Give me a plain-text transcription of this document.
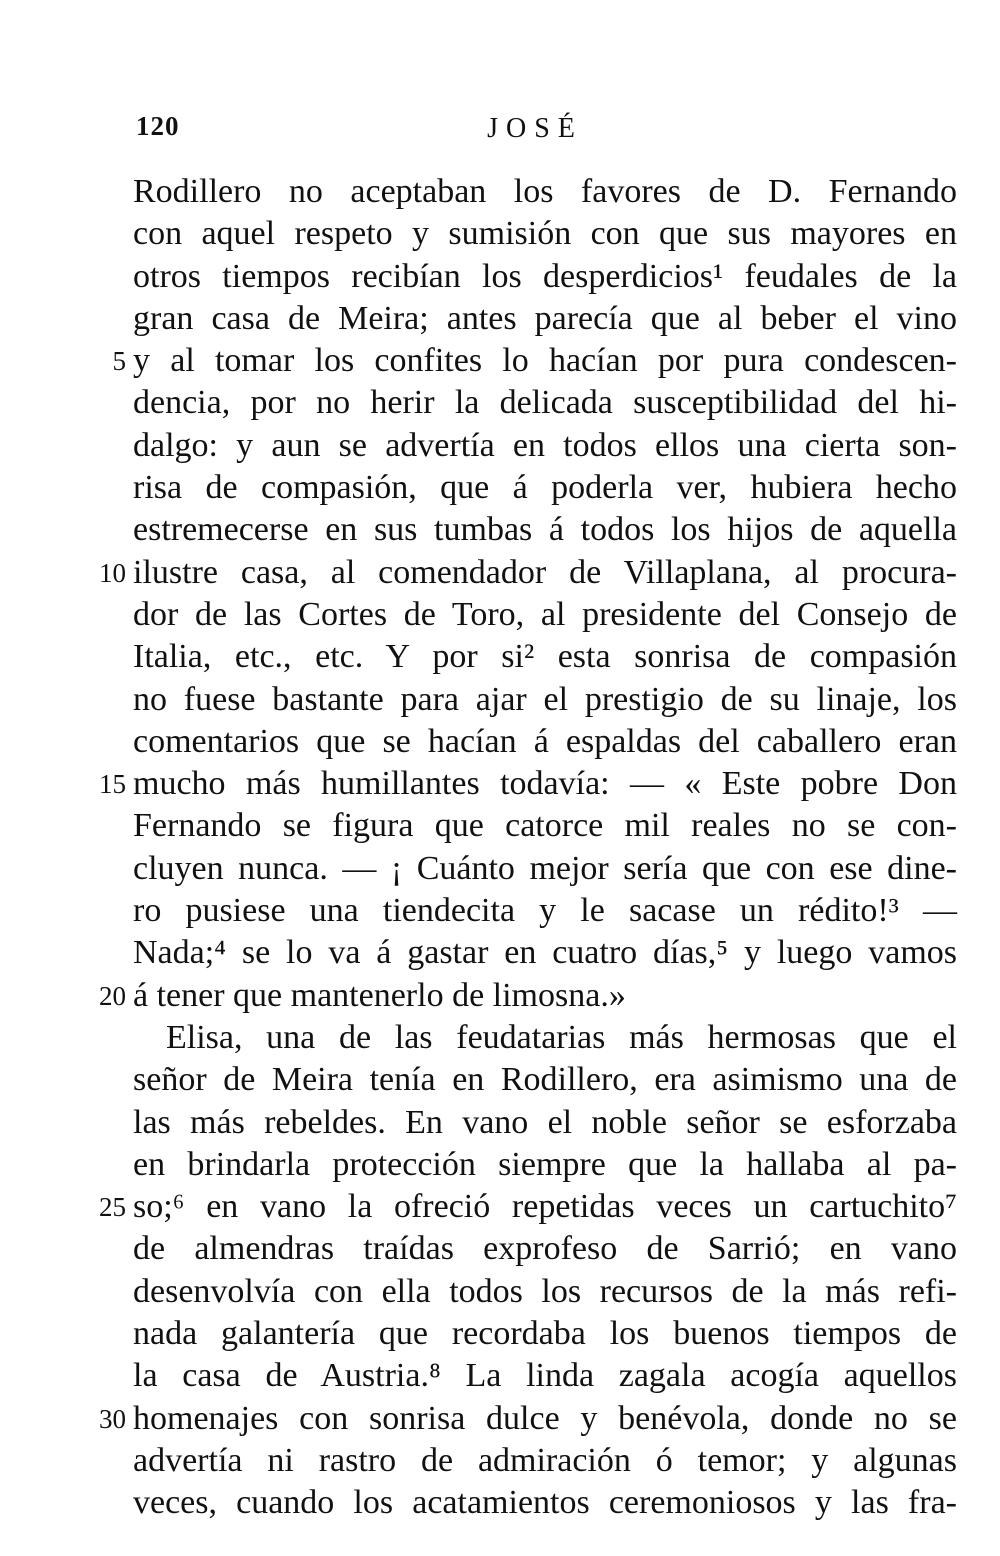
120	JOSÉ
Rodillero no aceptaban los favores de D. Fernando
con aquel respeto y sumisión con que sus mayores en
otros tiempos recibían los desperdicios¹ feudales de la
gran casa de Meira; antes parecía que al beber el vino
5 y al tomar los confites lo hacían por pura condescen-
dencia, por no herir la delicada susceptibilidad del hi-
dalgo: y aun se advertía en todos ellos una cierta son-
risa de compasión, que á poderla ver, hubiera hecho
estremecerse en sus tumbas á todos los hijos de aquella
10 ilustre casa, al comendador de Villaplana, al procura-
dor de las Cortes de Toro, al presidente del Consejo de
Italia, etc., etc. Y por si² esta sonrisa de compasión
no fuese bastante para ajar el prestigio de su linaje, los
comentarios que se hacían á espaldas del caballero eran
15 mucho más humillantes todavía: — « Este pobre Don
Fernando se figura que catorce mil reales no se con-
cluyen nunca. — ¡ Cuánto mejor sería que con ese dine-
ro pusiese una tiendecita y le sacase un rédito!³ —
Nada;⁴ se lo va á gastar en cuatro días,⁵ y luego vamos
20 á tener que mantenerlo de limosna.»
Elisa, una de las feudatarias más hermosas que el
señor de Meira tenía en Rodillero, era asimismo una de
las más rebeldes. En vano el noble señor se esforzaba
en brindarla protección siempre que la hallaba al pa-
25 so;⁶ en vano la ofreció repetidas veces un cartuchito⁷
de almendras traídas exprofeso de Sarrió; en vano
desenvolvía con ella todos los recursos de la más refi-
nada galantería que recordaba los buenos tiempos de
la casa de Austria.⁸ La linda zagala acogía aquellos
30 homenajes con sonrisa dulce y benévola, donde no se
advertía ni rastro de admiración ó temor; y algunas
veces, cuando los acatamientos ceremoniosos y las fra-
